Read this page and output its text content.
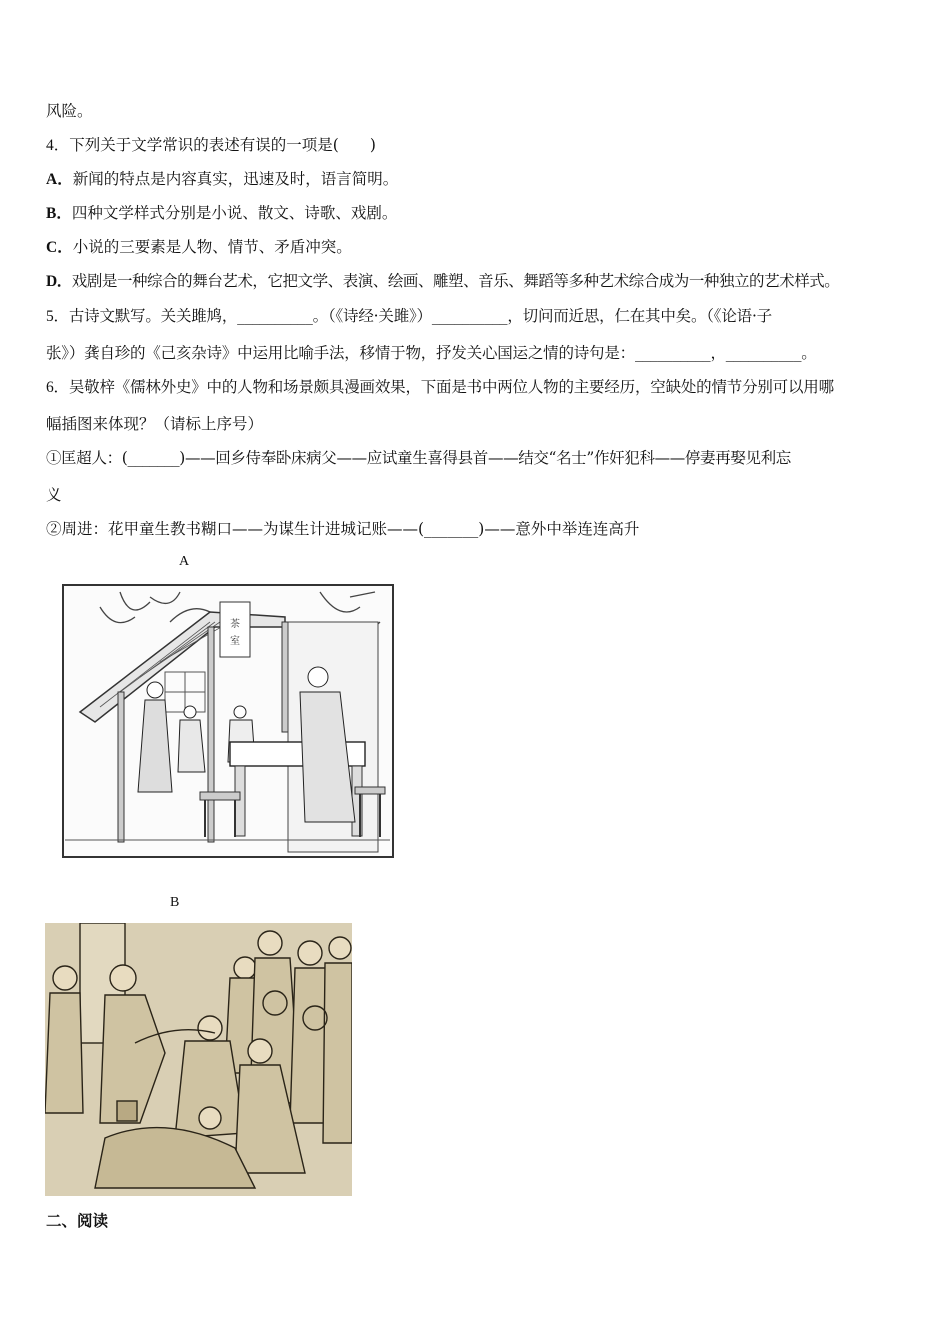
风险。
4．下列关于文学常识的表述有误的一项是(　　)
A．新闻的特点是内容真实，迅速及时，语言简明。
B．四种文学样式分别是小说、散文、诗歌、戏剧。
C．小说的三要素是人物、情节、矛盾冲突。
D．戏剧是一种综合的舞台艺术，它把文学、表演、绘画、雕塑、音乐、舞蹈等多种艺术综合成为一种独立的艺术样式。
5．古诗文默写。关关雎鸠，__________。（《诗经·关雎》）__________，切问而近思，仁在其中矣。（《论语·子
张》）龚自珍的《己亥杂诗》中运用比喻手法，移情于物，抒发关心国运之情的诗句是：__________，__________。
6．吴敬梓《儒林外史》中的人物和场景颇具漫画效果，下面是书中两位人物的主要经历，空缺处的情节分别可以用哪
幅插图来体现？（请标上序号）
①匡超人：(_______)——回乡侍奉卧床病父——应试童生喜得县首——结交“名士”作奸犯科——停妻再娶见利忘
义
②周进：花甲童生教书糊口——为谋生计进城记账——(_______)——意外中举连连高升
A
茶
室
B
二、阅读
